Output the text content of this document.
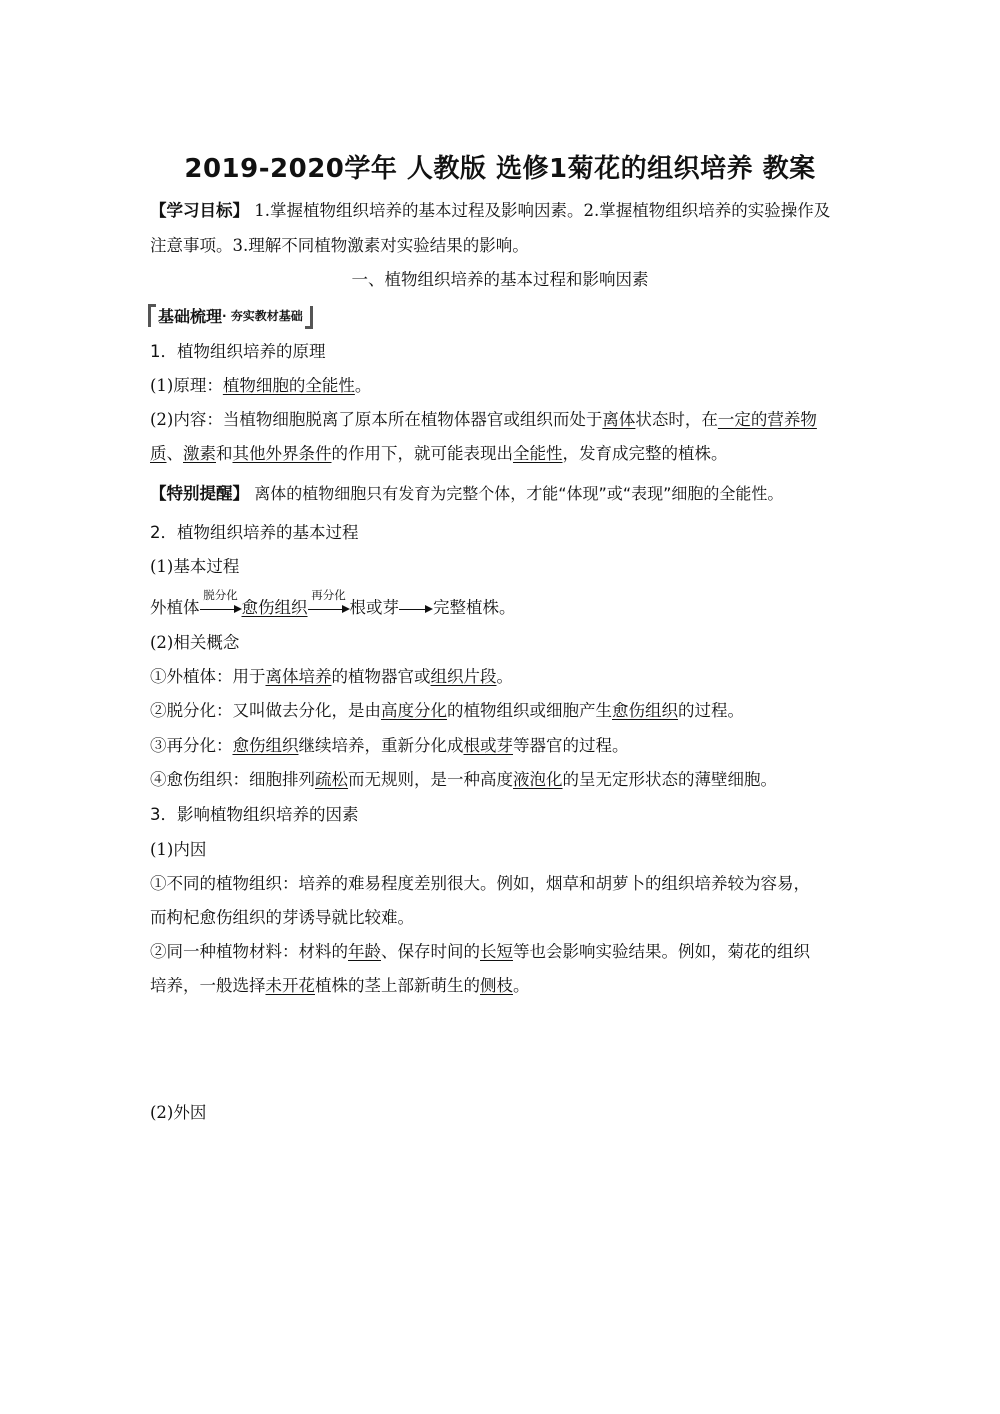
2019-2020学年 人教版 选修1菊花的组织培养 教案
【学习目标】 1.掌握植物组织培养的基本过程及影响因素。2.掌握植物组织培养的实验操作及
注意事项。3.理解不同植物激素对实验结果的影响。
一、植物组织培养的基本过程和影响因素
基础梳理 · 夯实教材基础
1．植物组织培养的原理
(1)原理：植物细胞的全能性。
(2)内容：当植物细胞脱离了原本所在植物体器官或组织而处于离体状态时，在一定的营养物
质、激素和其他外界条件的作用下，就可能表现出全能性，发育成完整的植株。
【特别提醒】 离体的植物细胞只有发育为完整个体，才能“体现”或“表现”细胞的全能性。
2．植物组织培养的基本过程
(1)基本过程
外植体
脱分化
愈伤组织
再分化
根或芽 完整植株。
(2)相关概念
①外植体：用于离体培养的植物器官或组织片段。
②脱分化：又叫做去分化，是由高度分化的植物组织或细胞产生愈伤组织的过程。
③再分化：愈伤组织继续培养，重新分化成根或芽等器官的过程。
④愈伤组织：细胞排列疏松而无规则，是一种高度液泡化的呈无定形状态的薄壁细胞。
3．影响植物组织培养的因素
(1)内因
①不同的植物组织：培养的难易程度差别很大。例如，烟草和胡萝卜的组织培养较为容易，
而枸杞愈伤组织的芽诱导就比较难。
②同一种植物材料：材料的年龄、保存时间的长短等也会影响实验结果。例如，菊花的组织
培养，一般选择未开花植株的茎上部新萌生的侧枝。
(2)外因
